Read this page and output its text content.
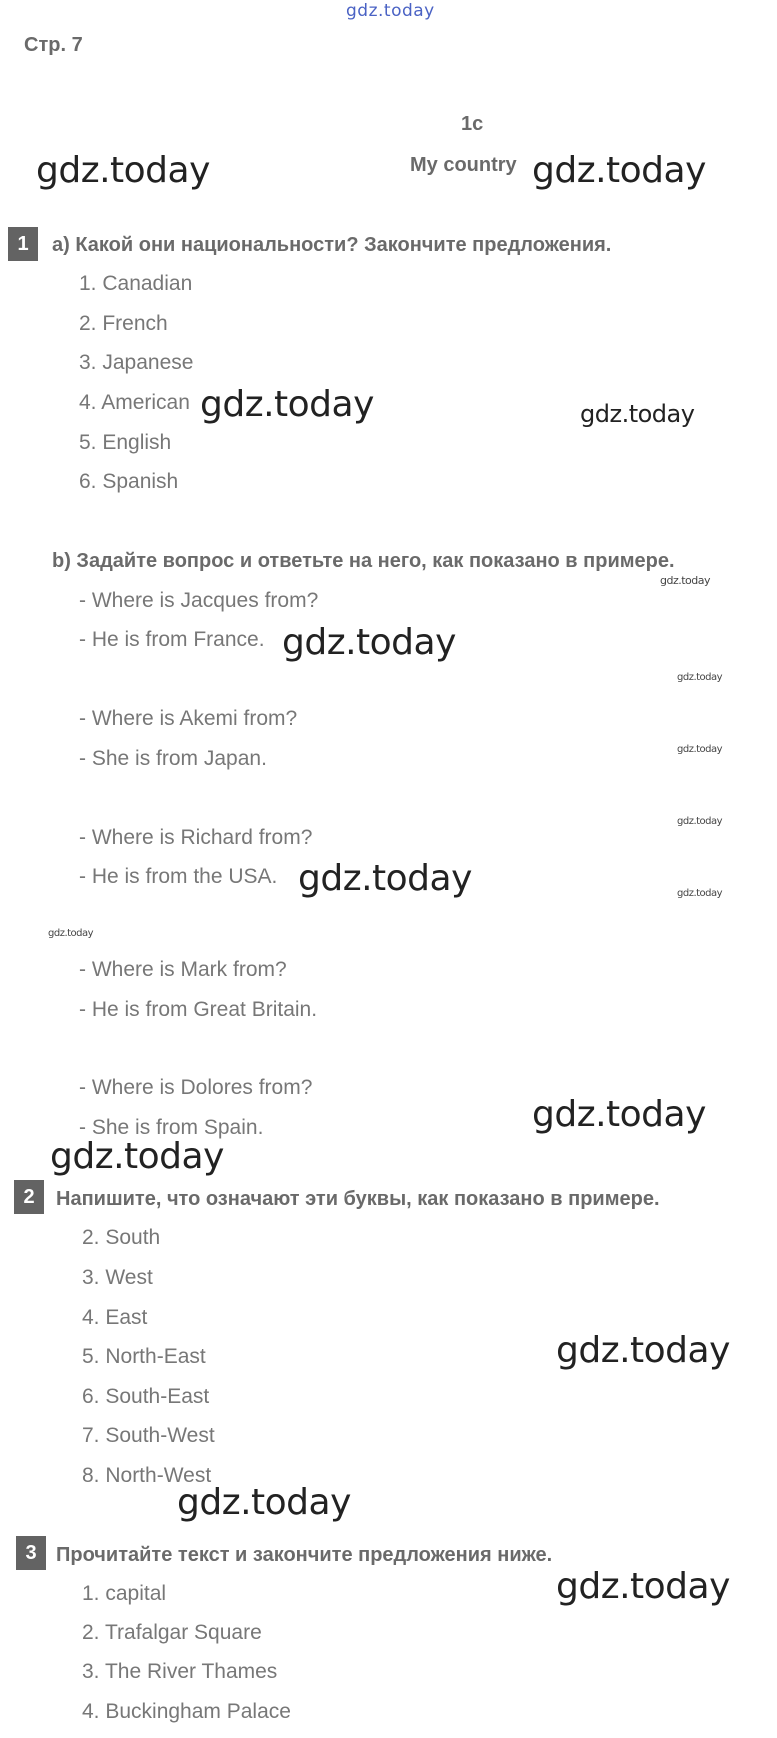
gdz.today
Стр. 7
1c
My country
gdz.today	gdz.today
gdz.today	gdz.today
gdz.today
gdz.today
gdz.today
gdz.today
gdz.today
gdz.today	gdz.today
gdz.today
gdz.today
gdz.today
gdz.today
gdz.today
gdz.today
1	a) Какой они национальности? Закончите предложения.
1. Canadian
2. French
3. Japanese
4. American
5. English
6. Spanish
b) Задайте вопрос и ответьте на него, как показано в примере.
- Where is Jacques from?
- He is from France.
- Where is Akemi from?
- She is from Japan.
- Where is Richard from?
- He is from the USA.
- Where is Mark from?
- He is from Great Britain.
- Where is Dolores from?
- She is from Spain.
2	Напишите, что означают эти буквы, как показано в примере.
2. South
3. West
4. East
5. North-East
6. South-East
7. South-West
8. North-West
3 Прочитайте текст и закончите предложения ниже.
1. capital
2. Trafalgar Square
3. The River Thames
4. Buckingham Palace
